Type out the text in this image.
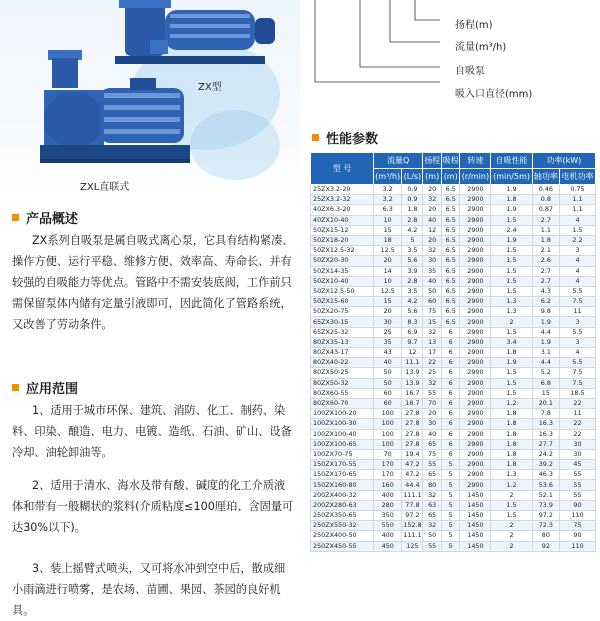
ZX型
ZXL直联式
产品概述
ZX系列自吸泵是属自吸式离心泵，它具有结构紧凑、操作方便、运行平稳、维修方便、效率高、寿命长、并有较强的自吸能力等优点。管路中不需安装底阀，工作前只需保留泵体内储有定量引液即可，因此简化了管路系统，又改善了劳动条件。
应用范围
1、适用于城市环保、建筑、消防、化工、制药、染料、印染、酿造、电力、电镀、造纸、石油、矿山、设备冷却、油轮卸油等。
2、适用于清水、海水及带有酸、碱度的化工介质液体和带有一般糊状的浆料(介质粘度≤100厘珀、含固量可达30%以下)。
3、装上摇臂式喷头，又可将水冲到空中后，散成细小雨滴进行喷雾，是农场、苗圃、果园、茶园的良好机具。
扬程(m)
流量(m³/h)
自吸泵
吸入口直径(mm)
性能参数
型 号	流量Q		扬程	吸程	转速	自吸性能	功率(kW)	
	(m³/h)	(L/s)	(m)	(m)	(r/min)	(min/5m)	轴功率	电机功率
25ZX3.2-20	3.2	0.9	20	6.5	2900	1.9	0.46	0.75
25ZX3.2-32	3.2	0.9	32	6.5	2900	1.8	0.8	1.1
40ZX6.3-20	6.3	1.8	20	6.5	2900	1.9	0.87	1.1
40ZX10-40	10	2.8	40	6.5	2900	1.5	2.7	4
50ZX15-12	15	4.2	12	6.5	2900	2.4	1.1	1.5
50ZX18-20	18	5	20	6.5	2900	1.9	1.8	2.2
50ZX12.5-32	12.5	3.5	32	6.5	2900	1.5	2.1	3
50ZX20-30	20	5.6	30	6.5	2900	1.5	2.6	4
50ZX14-35	14	3.9	35	6.5	2900	1.5	2.7	4
50ZX10-40	10	2.8	40	6.5	2900	1.5	2.7	4
50ZX12.5-50	12.5	3.5	50	6.5	2900	1.5	4.3	5.5
50ZX15-60	15	4.2	60	6.5	2900	1.3	6.2	7.5
50ZX20-75	20	5.6	75	6.5	2900	1.3	9.8	11
65ZX30-15	30	8.3	15	6.5	2900	2	1.9	3
65ZX25-32	25	6.9	32	6	2900	1.5	4.4	5.5
80ZX35-13	35	9.7	13	6	2900	3.4	1.9	3
80ZX43-17	43	12	17	6	2900	1.8	3.1	4
80ZX40-22	40	11.1	22	6	2900	1.9	4.4	5.5
80ZX50-25	50	13.9	25	6	2900	1.5	5.2	7.5
80ZX50-32	50	13.9	32	6	2900	1.5	6.8	7.5
80ZX60-55	60	16.7	55	6	2900	1.5	15	18.5
80ZX60-70	60	16.7	70	6	2900	1.2	20.1	22
100ZX100-20	100	27.8	20	6	2900	1.8	7.8	11
100ZX100-30	100	27.8	30	6	2900	1.8	16.3	22
100ZX100-40	100	27.8	40	6	2900	1.8	16.3	22
100ZX100-65	100	27.8	65	6	2900	1.8	27.7	30
100ZX70-75	70	19.4	75	6	2900	1.8	24.2	30
150ZX170-55	170	47.2	55	5	2900	1.8	39.2	45
150ZX170-65	170	47.2	65	5	2900	1.3	46.3	55
150ZX160-80	160	44.4	80	5	2900	1.2	53.6	55
200ZX400-32	400	111.1	32	5	1450	2	52.1	55
200ZX280-63	280	77.8	63	5	1450	1.5	73.9	90
250ZX350-65	350	97.2	65	5	1450	1.5	97.2	110
250ZX550-32	550	152.8	32	5	1450	2	72.3	75
250ZX400-50	400	111.1	50	5	1450	2	80	90
250ZX450-55	450	125	55	5	1450	2	92	110
